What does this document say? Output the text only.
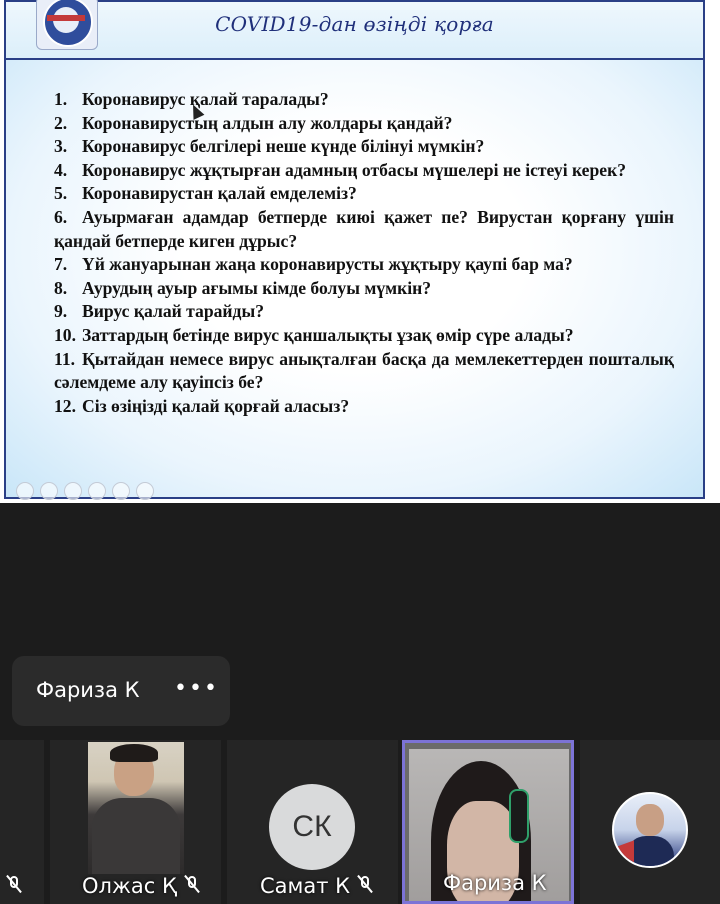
COVID19-дан өзіңді қорға
1. Коронавирус қалай таралады?
2. Коронавирустың алдын алу жолдары қандай?
3. Коронавирус белгілері неше күнде білінуі мүмкін?
4. Коронавирус жұқтырған адамның отбасы мүшелері не істеуі керек?
5. Коронавирустан қалай емделеміз?
6. Ауырмаған адамдар бетперде киюі қажет пе? Вирустан қорғану үшін қандай бетперде киген дұрыс?
7. Үй жануарынан жаңа коронавирусты жұқтыру қаупі бар ма?
8. Аурудың ауыр ағымы кімде болуы мүмкін?
9. Вирус қалай тарайды?
10. Заттардың бетінде вирус қаншалықты ұзақ өмір сүре алады?
11. Қытайдан немесе вирус анықталған басқа да мемлекеттерден пошталық сәлемдеме алу қауіпсіз бе?
12. Сіз өзіңізді қалай қорғай аласыз?
Фариза К •••
Олжас Қ
СК
Самат К	Фариза К
